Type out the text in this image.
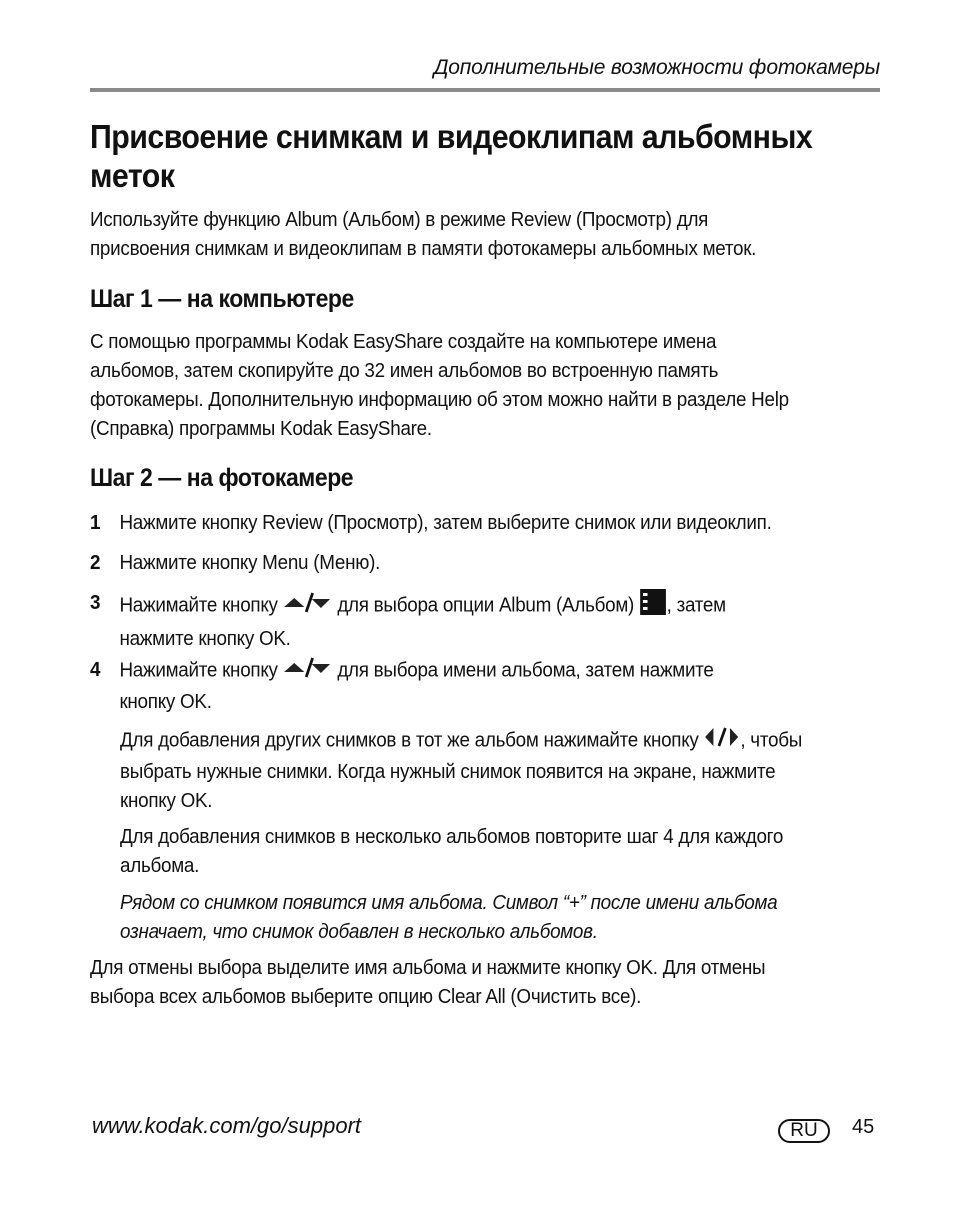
Дополнительные возможности фотокамеры
Присвоение снимкам и видеоклипам альбомных
меток

Используйте функцию Album (Альбом) в режиме Review (Просмотр) для
присвоения снимкам и видеоклипам в памяти фотокамеры альбомных меток.

Шаг 1 — на компьютере

С помощью программы Kodak EasyShare создайте на компьютере имена
альбомов, затем скопируйте до 32 имен альбомов во встроенную память
фотокамеры. Дополнительную информацию об этом можно найти в разделе Help
(Справка) программы Kodak EasyShare.

Шаг 2 — на фотокамере
1 Нажмите кнопку Review (Просмотр), затем выберите снимок или видеоклип.
2 Нажмите кнопку Menu (Меню).
3 Нажимайте кнопку	для выбора опции Album (Альбом) , затем
нажмите кнопку OK.
4 Нажимайте кнопку	для выбора имени альбома, затем нажмите
кнопку OK.

Для добавления других снимков в тот же альбом нажимайте кнопку , чтобы
выбрать нужные снимки. Когда нужный снимок появится на экране, нажмите
кнопку OK.

Для добавления снимков в несколько альбомов повторите шаг 4 для каждого
альбома.

Рядом со снимком появится имя альбома. Символ “+” после имени альбома
означает, что снимок добавлен в несколько альбомов.

Для отмены выбора выделите имя альбома и нажмите кнопку OK. Для отмены
выбора всех альбомов выберите опцию Clear All (Очистить все).

www.kodak.com/go/support	RU	45
